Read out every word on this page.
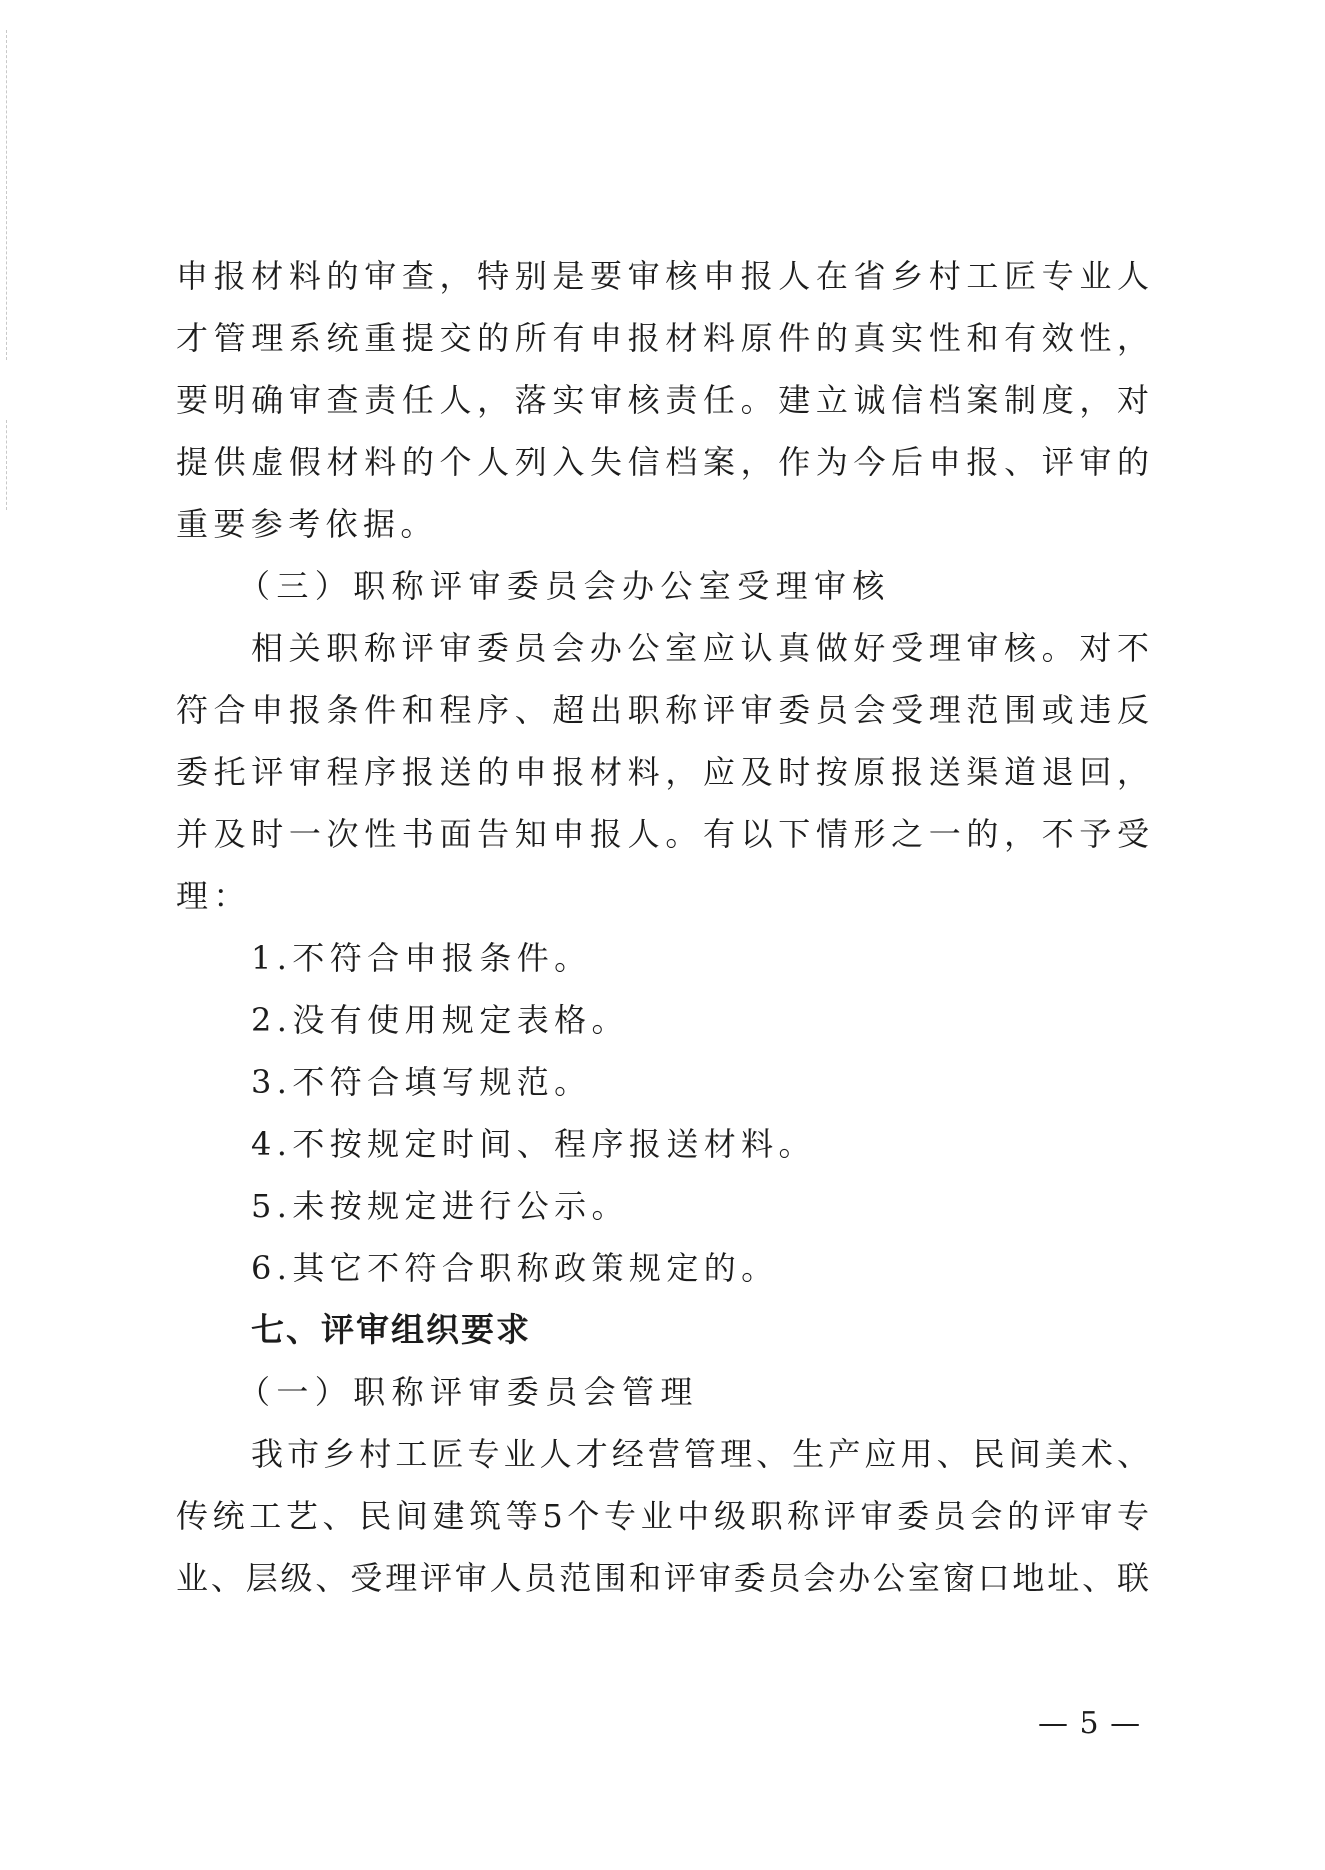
申报材料的审查，特别是要审核申报人在省乡村工匠专业人
才管理系统重提交的所有申报材料原件的真实性和有效性，
要明确审查责任人，落实审核责任。建立诚信档案制度，对
提供虚假材料的个人列入失信档案，作为今后申报、评审的
重要参考依据。
（三）职称评审委员会办公室受理审核
相关职称评审委员会办公室应认真做好受理审核。对不
符合申报条件和程序、超出职称评审委员会受理范围或违反
委托评审程序报送的申报材料，应及时按原报送渠道退回，
并及时一次性书面告知申报人。有以下情形之一的，不予受
理：
1.不符合申报条件。
2.没有使用规定表格。
3.不符合填写规范。
4.不按规定时间、程序报送材料。
5.未按规定进行公示。
6.其它不符合职称政策规定的。
七、评审组织要求
（一）职称评审委员会管理
我市乡村工匠专业人才经营管理、生产应用、民间美术、
传统工艺、民间建筑等5个专业中级职称评审委员会的评审专
业、层级、受理评审人员范围和评审委员会办公室窗口地址、联
— 5 —
